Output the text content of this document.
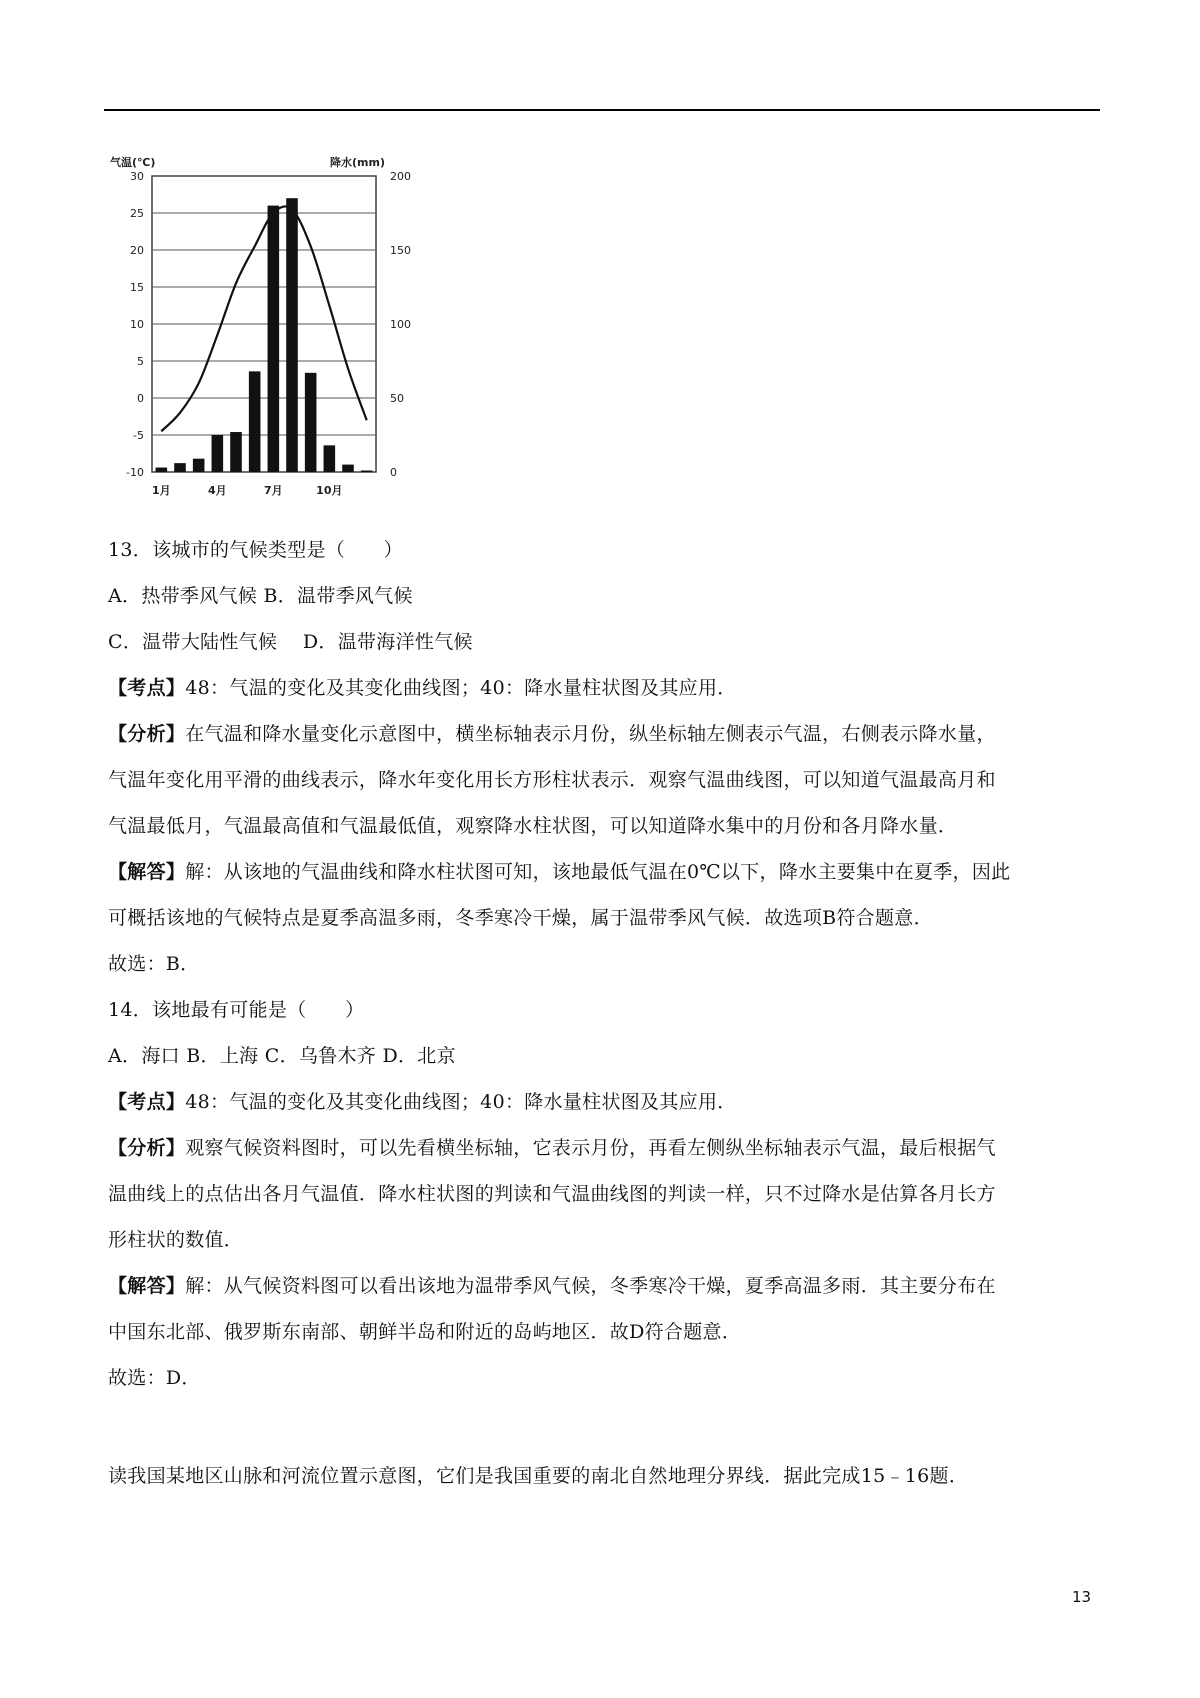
30
25
20
15
10
5
0
-5
-10
200
150
100
50
0
1月	4月	7月	10月
气温(℃)	降水(mm)
13．该城市的气候类型是（　　）
A．热带季风气候 B．温带季风气候
C．温带大陆性气候　 D．温带海洋性气候
【考点】48：气温的变化及其变化曲线图；40：降水量柱状图及其应用．
【分析】在气温和降水量变化示意图中，横坐标轴表示月份，纵坐标轴左侧表示气温，右侧表示降水量，
气温年变化用平滑的曲线表示，降水年变化用长方形柱状表示．观察气温曲线图，可以知道气温最高月和
气温最低月，气温最高值和气温最低值，观察降水柱状图，可以知道降水集中的月份和各月降水量．
【解答】解：从该地的气温曲线和降水柱状图可知，该地最低气温在0℃以下，降水主要集中在夏季，因此
可概括该地的气候特点是夏季高温多雨，冬季寒冷干燥，属于温带季风气候．故选项B符合题意．
故选：B．
14．该地最有可能是（　　）
A．海口 B．上海 C．乌鲁木齐 D．北京
【考点】48：气温的变化及其变化曲线图；40：降水量柱状图及其应用．
【分析】观察气候资料图时，可以先看横坐标轴，它表示月份，再看左侧纵坐标轴表示气温，最后根据气
温曲线上的点估出各月气温值．降水柱状图的判读和气温曲线图的判读一样，只不过降水是估算各月长方
形柱状的数值．
【解答】解：从气候资料图可以看出该地为温带季风气候，冬季寒冷干燥，夏季高温多雨．其主要分布在
中国东北部、俄罗斯东南部、朝鲜半岛和附近的岛屿地区．故D符合题意．
故选：D．
读我国某地区山脉和河流位置示意图，它们是我国重要的南北自然地理分界线．据此完成15﹣16题．
13
